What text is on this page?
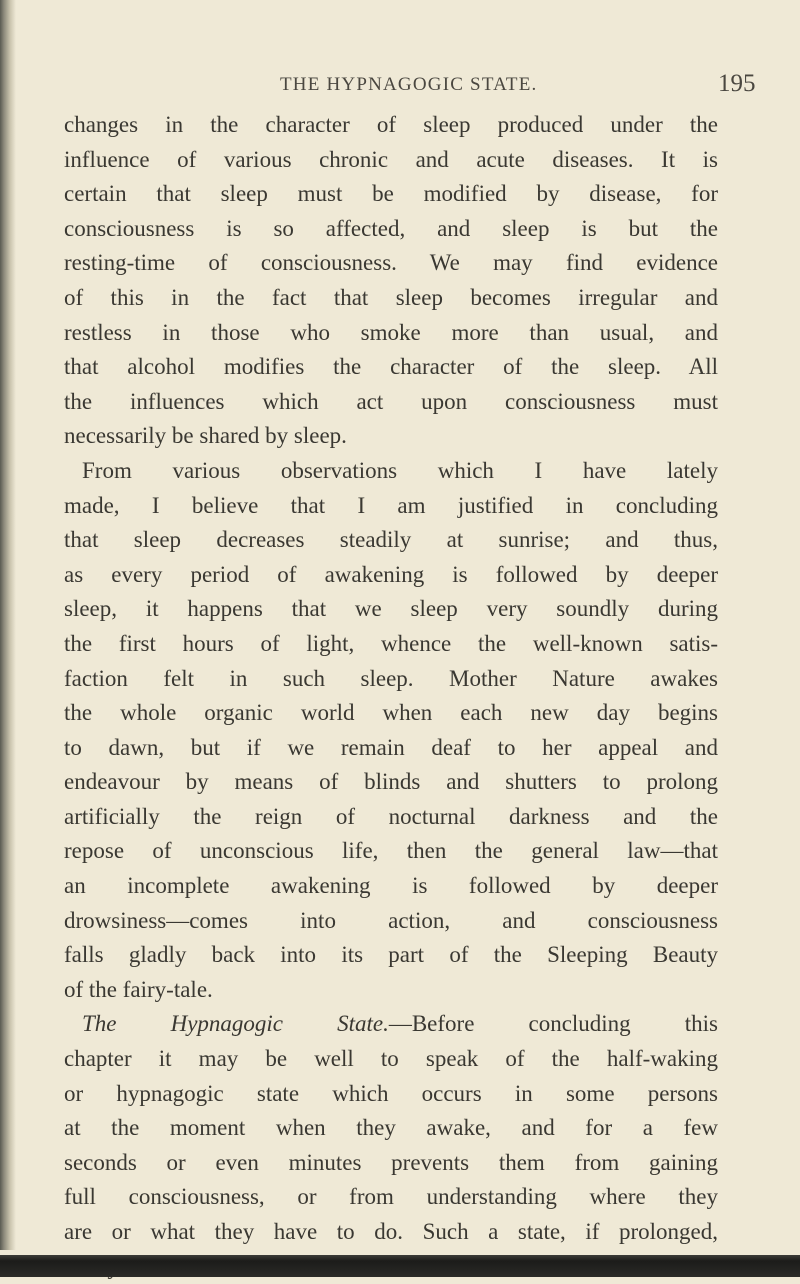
THE HYPNAGOGIC STATE.	195
changes in the character of sleep produced under the
influence of various chronic and acute diseases. It is
certain that sleep must be modified by disease, for
consciousness is so affected, and sleep is but the
resting-time of consciousness. We may find evidence
of this in the fact that sleep becomes irregular and
restless in those who smoke more than usual, and
that alcohol modifies the character of the sleep. All
the influences which act upon consciousness must
necessarily be shared by sleep.
From various observations which I have lately
made, I believe that I am justified in concluding
that sleep decreases steadily at sunrise; and thus,
as every period of awakening is followed by deeper
sleep, it happens that we sleep very soundly during
the first hours of light, whence the well-known satis-
faction felt in such sleep. Mother Nature awakes
the whole organic world when each new day begins
to dawn, but if we remain deaf to her appeal and
endeavour by means of blinds and shutters to prolong
artificially the reign of nocturnal darkness and the
repose of unconscious life, then the general law—that
an incomplete awakening is followed by deeper
drowsiness—comes into action, and consciousness
falls gladly back into its part of the Sleeping Beauty
of the fairy-tale.
The Hypnagogic State.—Before concluding this
chapter it may be well to speak of the half-waking
or hypnagogic state which occurs in some persons
at the moment when they awake, and for a few
seconds or even minutes prevents them from gaining
full consciousness, or from understanding where they
are or what they have to do. Such a state, if prolonged,
